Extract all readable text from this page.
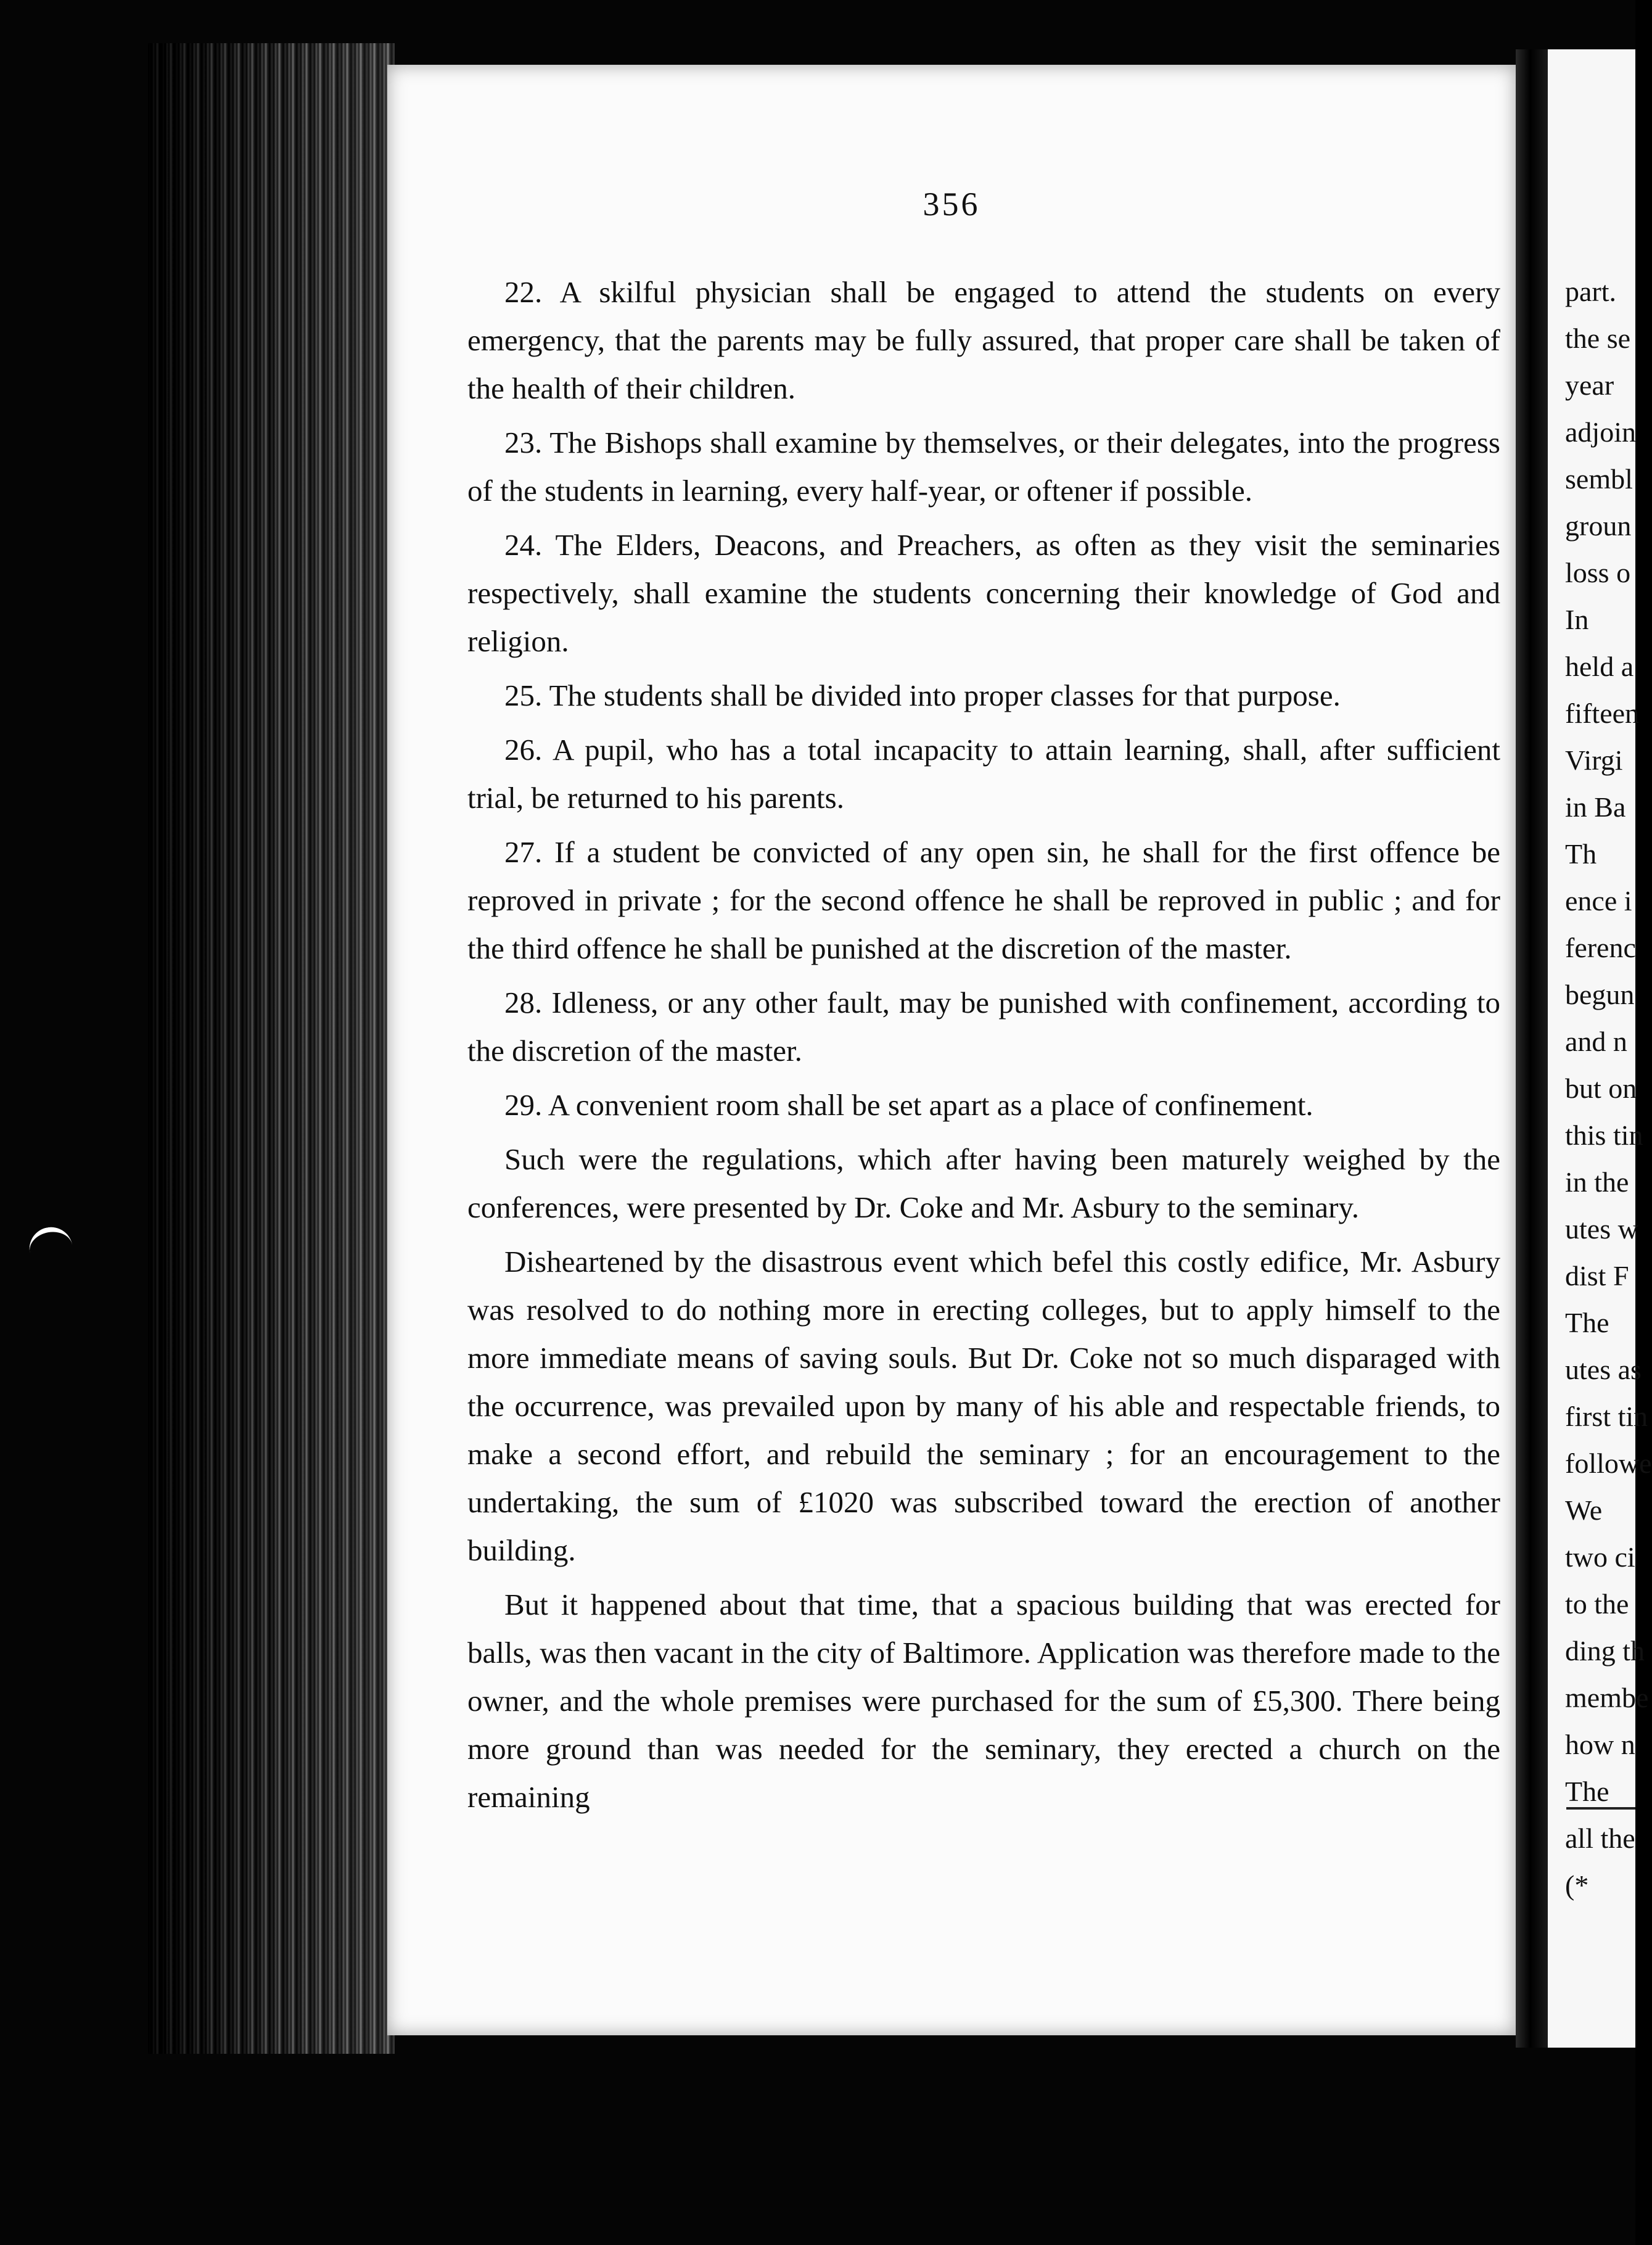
356

22. A skilful physician shall be engaged to attend the students on every emergency, that the parents may be fully assured, that proper care shall be taken of the health of their children.

23. The Bishops shall examine by themselves, or their delegates, into the progress of the students in learning, every half-year, or oftener if possible.

24. The Elders, Deacons, and Preachers, as often as they visit the seminaries respectively, shall examine the students concerning their knowledge of God and religion.

25. The students shall be divided into proper classes for that purpose.

26. A pupil, who has a total incapacity to attain learning, shall, after sufficient trial, be returned to his parents.

27. If a student be convicted of any open sin, he shall for the first offence be reproved in private ; for the second offence he shall be reproved in public ; and for the third offence he shall be punished at the discretion of the master.

28. Idleness, or any other fault, may be punished with confinement, according to the discretion of the master.

29. A convenient room shall be set apart as a place of confinement.

Such were the regulations, which after having been maturely weighed by the conferences, were presented by Dr. Coke and Mr. Asbury to the seminary.

Disheartened by the disastrous event which befel this costly edifice, Mr. Asbury was resolved to do nothing more in erecting colleges, but to apply himself to the more immediate means of saving souls. But Dr. Coke not so much disparaged with the occurrence, was prevailed upon by many of his able and respectable friends, to make a second effort, and rebuild the seminary ; for an encouragement to the undertaking, the sum of £1020 was subscribed toward the erection of another building.

But it happened about that time, that a spacious building that was erected for balls, was then vacant in the city of Baltimore. Application was therefore made to the owner, and the whole premises were purchased for the sum of £5,300. There being more ground than was needed for the seminary, they erected a church on the remaining

part.
the se
year
adjoin
sembl
groun
loss o
In
held a
fifteen
Virgi
in Ba
Th
ence i
ferenc
begun
and n
but on
this tin
in the
utes w
dist F
The
utes as
first tin
followe
We
two ci
to the
ding th
membe
how n
The
all the
(*
